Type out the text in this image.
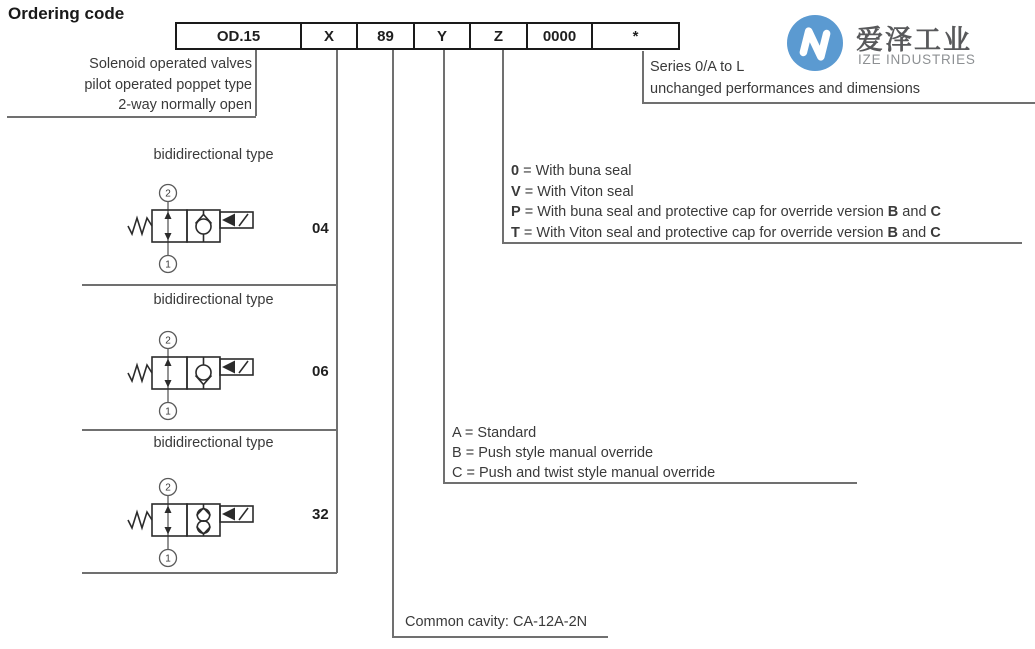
Ordering code
OD.15	X	89	Y	Z	0000	*
Solenoid operated valves
pilot operated poppet type
2-way normally open
Series 0/A to L
unchanged performances and dimensions
0 = With buna seal
V = With Viton seal
P = With buna seal and protective cap for override version B and C
T = With Viton seal and protective cap for override version B and C
A = Standard
B = Push style manual override
C = Push and twist style manual override
Common cavity: CA-12A-2N
bididirectional type
2
1
04
bididirectional type
2
1
06
bididirectional type
2
1
32
爱泽工业
IZE INDUSTRIES
